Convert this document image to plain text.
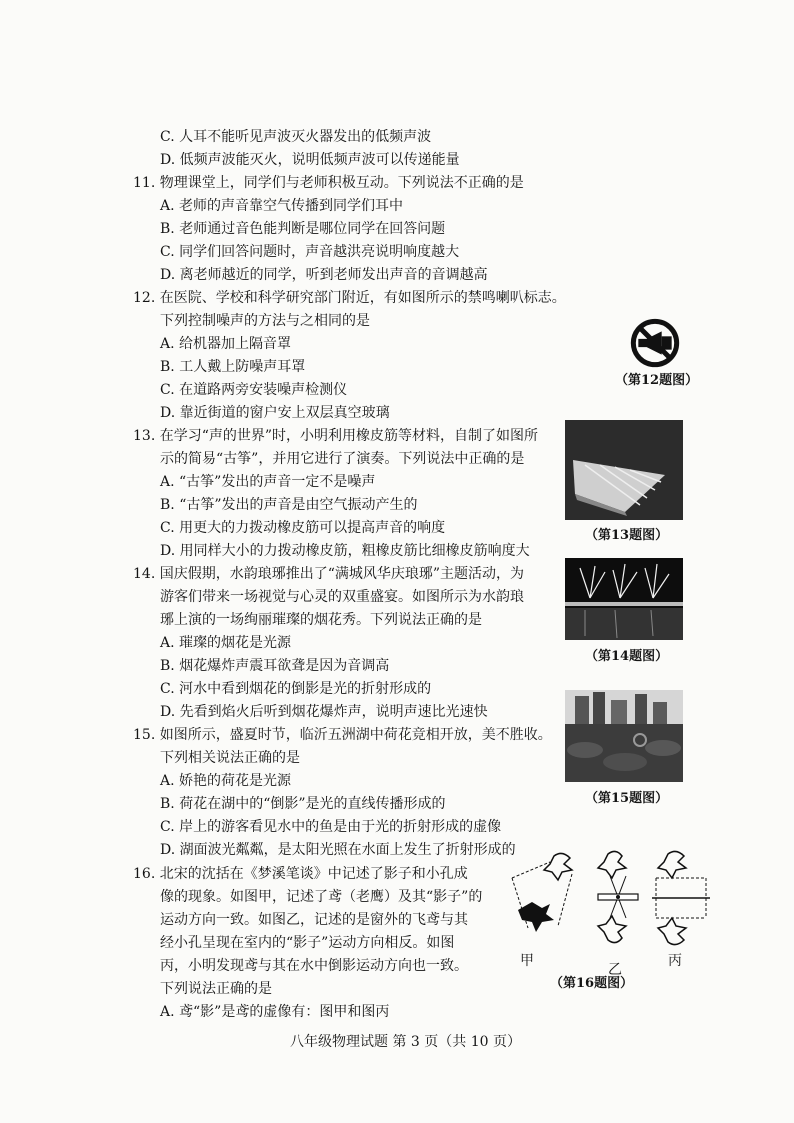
C. 人耳不能听见声波灭火器发出的低频声波
D. 低频声波能灭火，说明低频声波可以传递能量
11. 物理课堂上，同学们与老师积极互动。下列说法不正确的是
A. 老师的声音靠空气传播到同学们耳中
B. 老师通过音色能判断是哪位同学在回答问题
C. 同学们回答问题时，声音越洪亮说明响度越大
D. 离老师越近的同学，听到老师发出声音的音调越高
12. 在医院、学校和科学研究部门附近，有如图所示的禁鸣喇叭标志。
下列控制噪声的方法与之相同的是
A. 给机器加上隔音罩
B. 工人戴上防噪声耳罩
C. 在道路两旁安装噪声检测仪
D. 靠近街道的窗户安上双层真空玻璃
（第12题图）
13. 在学习“声的世界”时，小明利用橡皮筋等材料，自制了如图所
示的简易“古筝”，并用它进行了演奏。下列说法中正确的是
A. “古筝”发出的声音一定不是噪声
B. “古筝”发出的声音是由空气振动产生的
C. 用更大的力拨动橡皮筋可以提高声音的响度
D. 用同样大小的力拨动橡皮筋，粗橡皮筋比细橡皮筋响度大
（第13题图）
14. 国庆假期，水韵琅琊推出了“满城风华庆琅琊”主题活动，为
游客们带来一场视觉与心灵的双重盛宴。如图所示为水韵琅
琊上演的一场绚丽璀璨的烟花秀。下列说法正确的是
A. 璀璨的烟花是光源
B. 烟花爆炸声震耳欲聋是因为音调高
C. 河水中看到烟花的倒影是光的折射形成的
D. 先看到焰火后听到烟花爆炸声，说明声速比光速快
（第14题图）
15. 如图所示，盛夏时节，临沂五洲湖中荷花竞相开放，美不胜收。
下列相关说法正确的是
A. 娇艳的荷花是光源
B. 荷花在湖中的“倒影”是光的直线传播形成的
C. 岸上的游客看见水中的鱼是由于光的折射形成的虚像
D. 湖面波光粼粼，是太阳光照在水面上发生了折射形成的
（第15题图）
16. 北宋的沈括在《梦溪笔谈》中记述了影子和小孔成
像的现象。如图甲，记述了鸢（老鹰）及其“影子”的
运动方向一致。如图乙，记述的是窗外的飞鸢与其
经小孔呈现在室内的“影子”运动方向相反。如图
丙，小明发现鸢与其在水中倒影运动方向也一致。
下列说法正确的是
A. 鸢“影”是鸢的虚像有：图甲和图丙
甲
乙
丙
（第16题图）
八年级物理试题 第 3 页（共 10 页）
